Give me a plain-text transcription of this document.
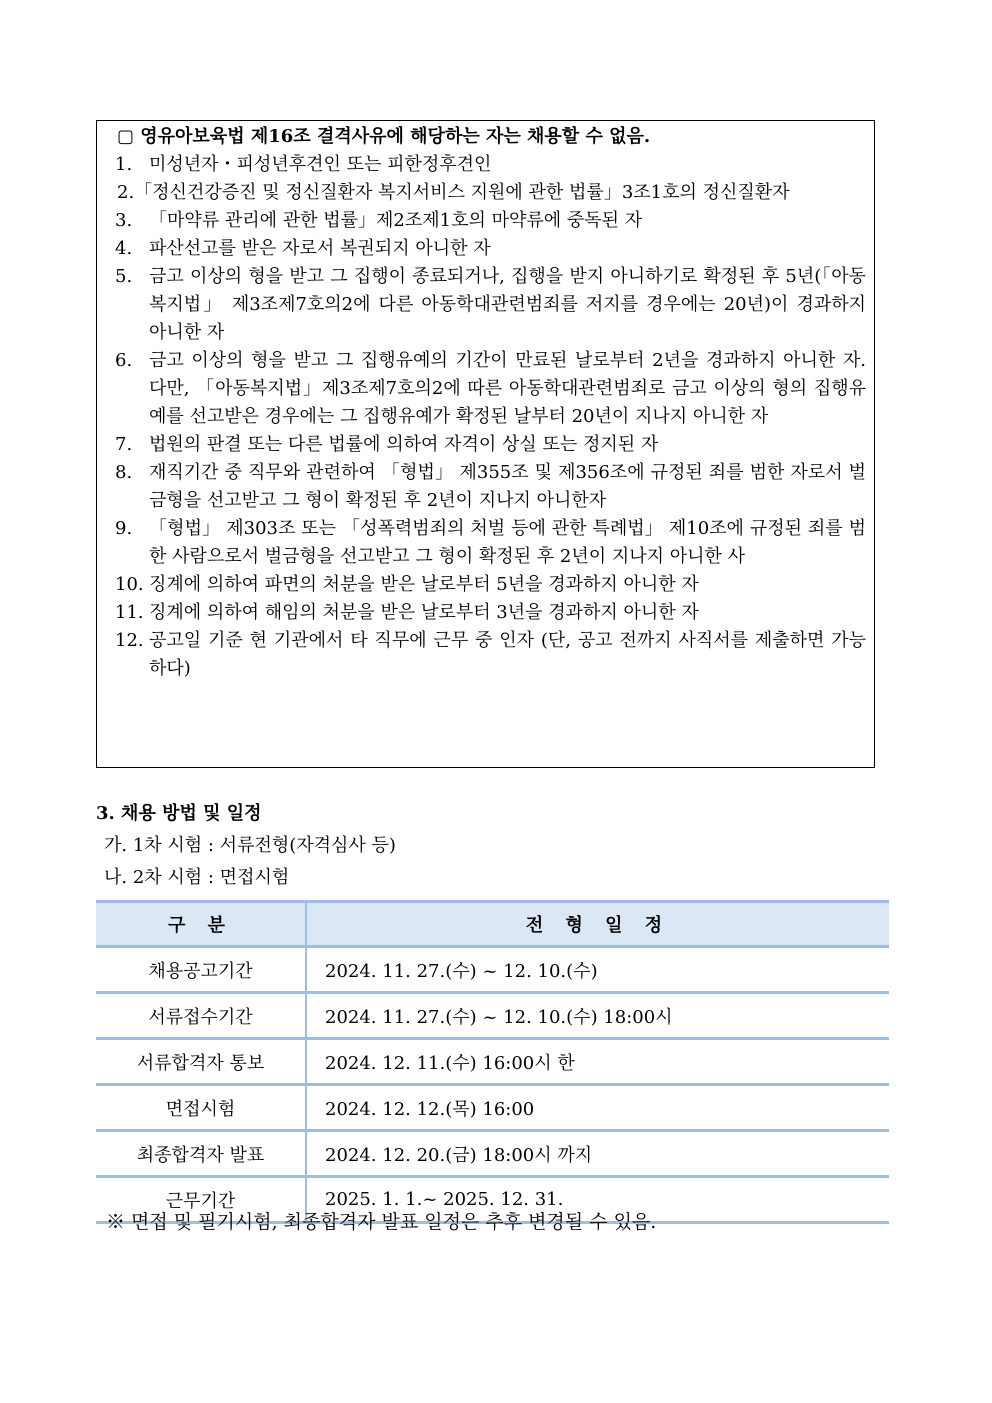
▢ 영유아보육법 제16조 결격사유에 해당하는 자는 채용할 수 없음.
1. 미성년자・피성년후견인 또는 피한정후견인
2.「정신건강증진 및 정신질환자 복지서비스 지원에 관한 법률」3조1호의 정신질환자
3. 「마약류 관리에 관한 법률」제2조제1호의 마약류에 중독된 자
4. 파산선고를 받은 자로서 복권되지 아니한 자
5. 금고 이상의 형을 받고 그 집행이 종료되거나, 집행을 받지 아니하기로 확정된 후 5년(「아동복지법」 제3조제7호의2에 다른 아동학대관련범죄를 저지를 경우에는 20년)이 경과하지 아니한 자
6. 금고 이상의 형을 받고 그 집행유예의 기간이 만료된 날로부터 2년을 경과하지 아니한 자. 다만, 「아동복지법」제3조제7호의2에 따른 아동학대관련범죄로 금고 이상의 형의 집행유예를 선고받은 경우에는 그 집행유예가 확정된 날부터 20년이 지나지 아니한 자
7. 법원의 판결 또는 다른 법률에 의하여 자격이 상실 또는 정지된 자
8. 재직기간 중 직무와 관련하여 「형법」 제355조 및 제356조에 규정된 죄를 범한 자로서 벌금형을 선고받고 그 형이 확정된 후 2년이 지나지 아니한자
9. 「형법」 제303조 또는 「성폭력범죄의 처벌 등에 관한 특례법」 제10조에 규정된 죄를 범한 사람으로서 벌금형을 선고받고 그 형이 확정된 후 2년이 지나지 아니한 사
10. 징계에 의하여 파면의 처분을 받은 날로부터 5년을 경과하지 아니한 자
11. 징계에 의하여 해임의 처분을 받은 날로부터 3년을 경과하지 아니한 자
12. 공고일 기준 현 기관에서 타 직무에 근무 중 인자 (단, 공고 전까지 사직서를 제출하면 가능하다)
3. 채용 방법 및 일정
가. 1차 시험 : 서류전형(자격심사 등)
나. 2차 시험 : 면접시험
구 분	전 형 일 정
채용공고기간	2024. 11. 27.(수) ~ 12. 10.(수)
서류접수기간	2024. 11. 27.(수) ~ 12. 10.(수) 18:00시
서류합격자 통보	2024. 12. 11.(수) 16:00시 한
면접시험	2024. 12. 12.(목) 16:00
최종합격자 발표	2024. 12. 20.(금) 18:00시 까지
근무기간	2025. 1. 1.~ 2025. 12. 31.
※ 면접 및 필기시험, 최종합격자 발표 일정은 추후 변경될 수 있음.
